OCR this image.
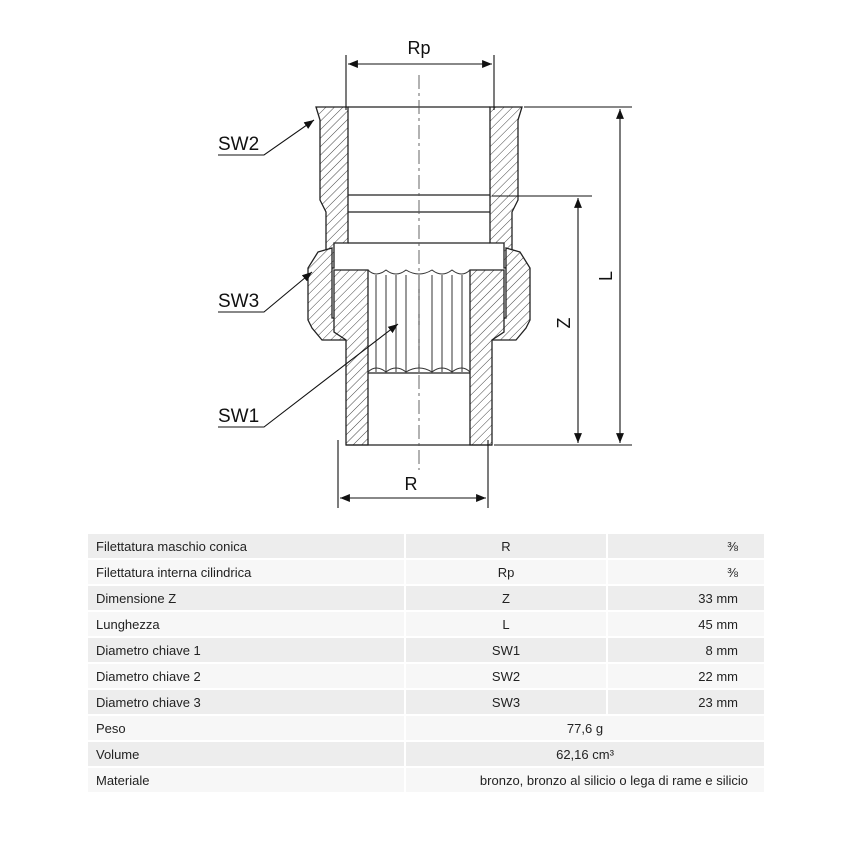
Rp
R
Z
L
SW2
SW3
SW1
Filettatura maschio conica	R	⅜
Filettatura interna cilindrica	Rp	⅜
Dimensione Z	Z	33 mm
Lunghezza	L	45 mm
Diametro chiave 1	SW1	8 mm
Diametro chiave 2	SW2	22 mm
Diametro chiave 3	SW3	23 mm
Peso	77,6 g	
Volume	62,16 cm³	
Materiale	bronzo, bronzo al silicio o lega di rame e silicio	
